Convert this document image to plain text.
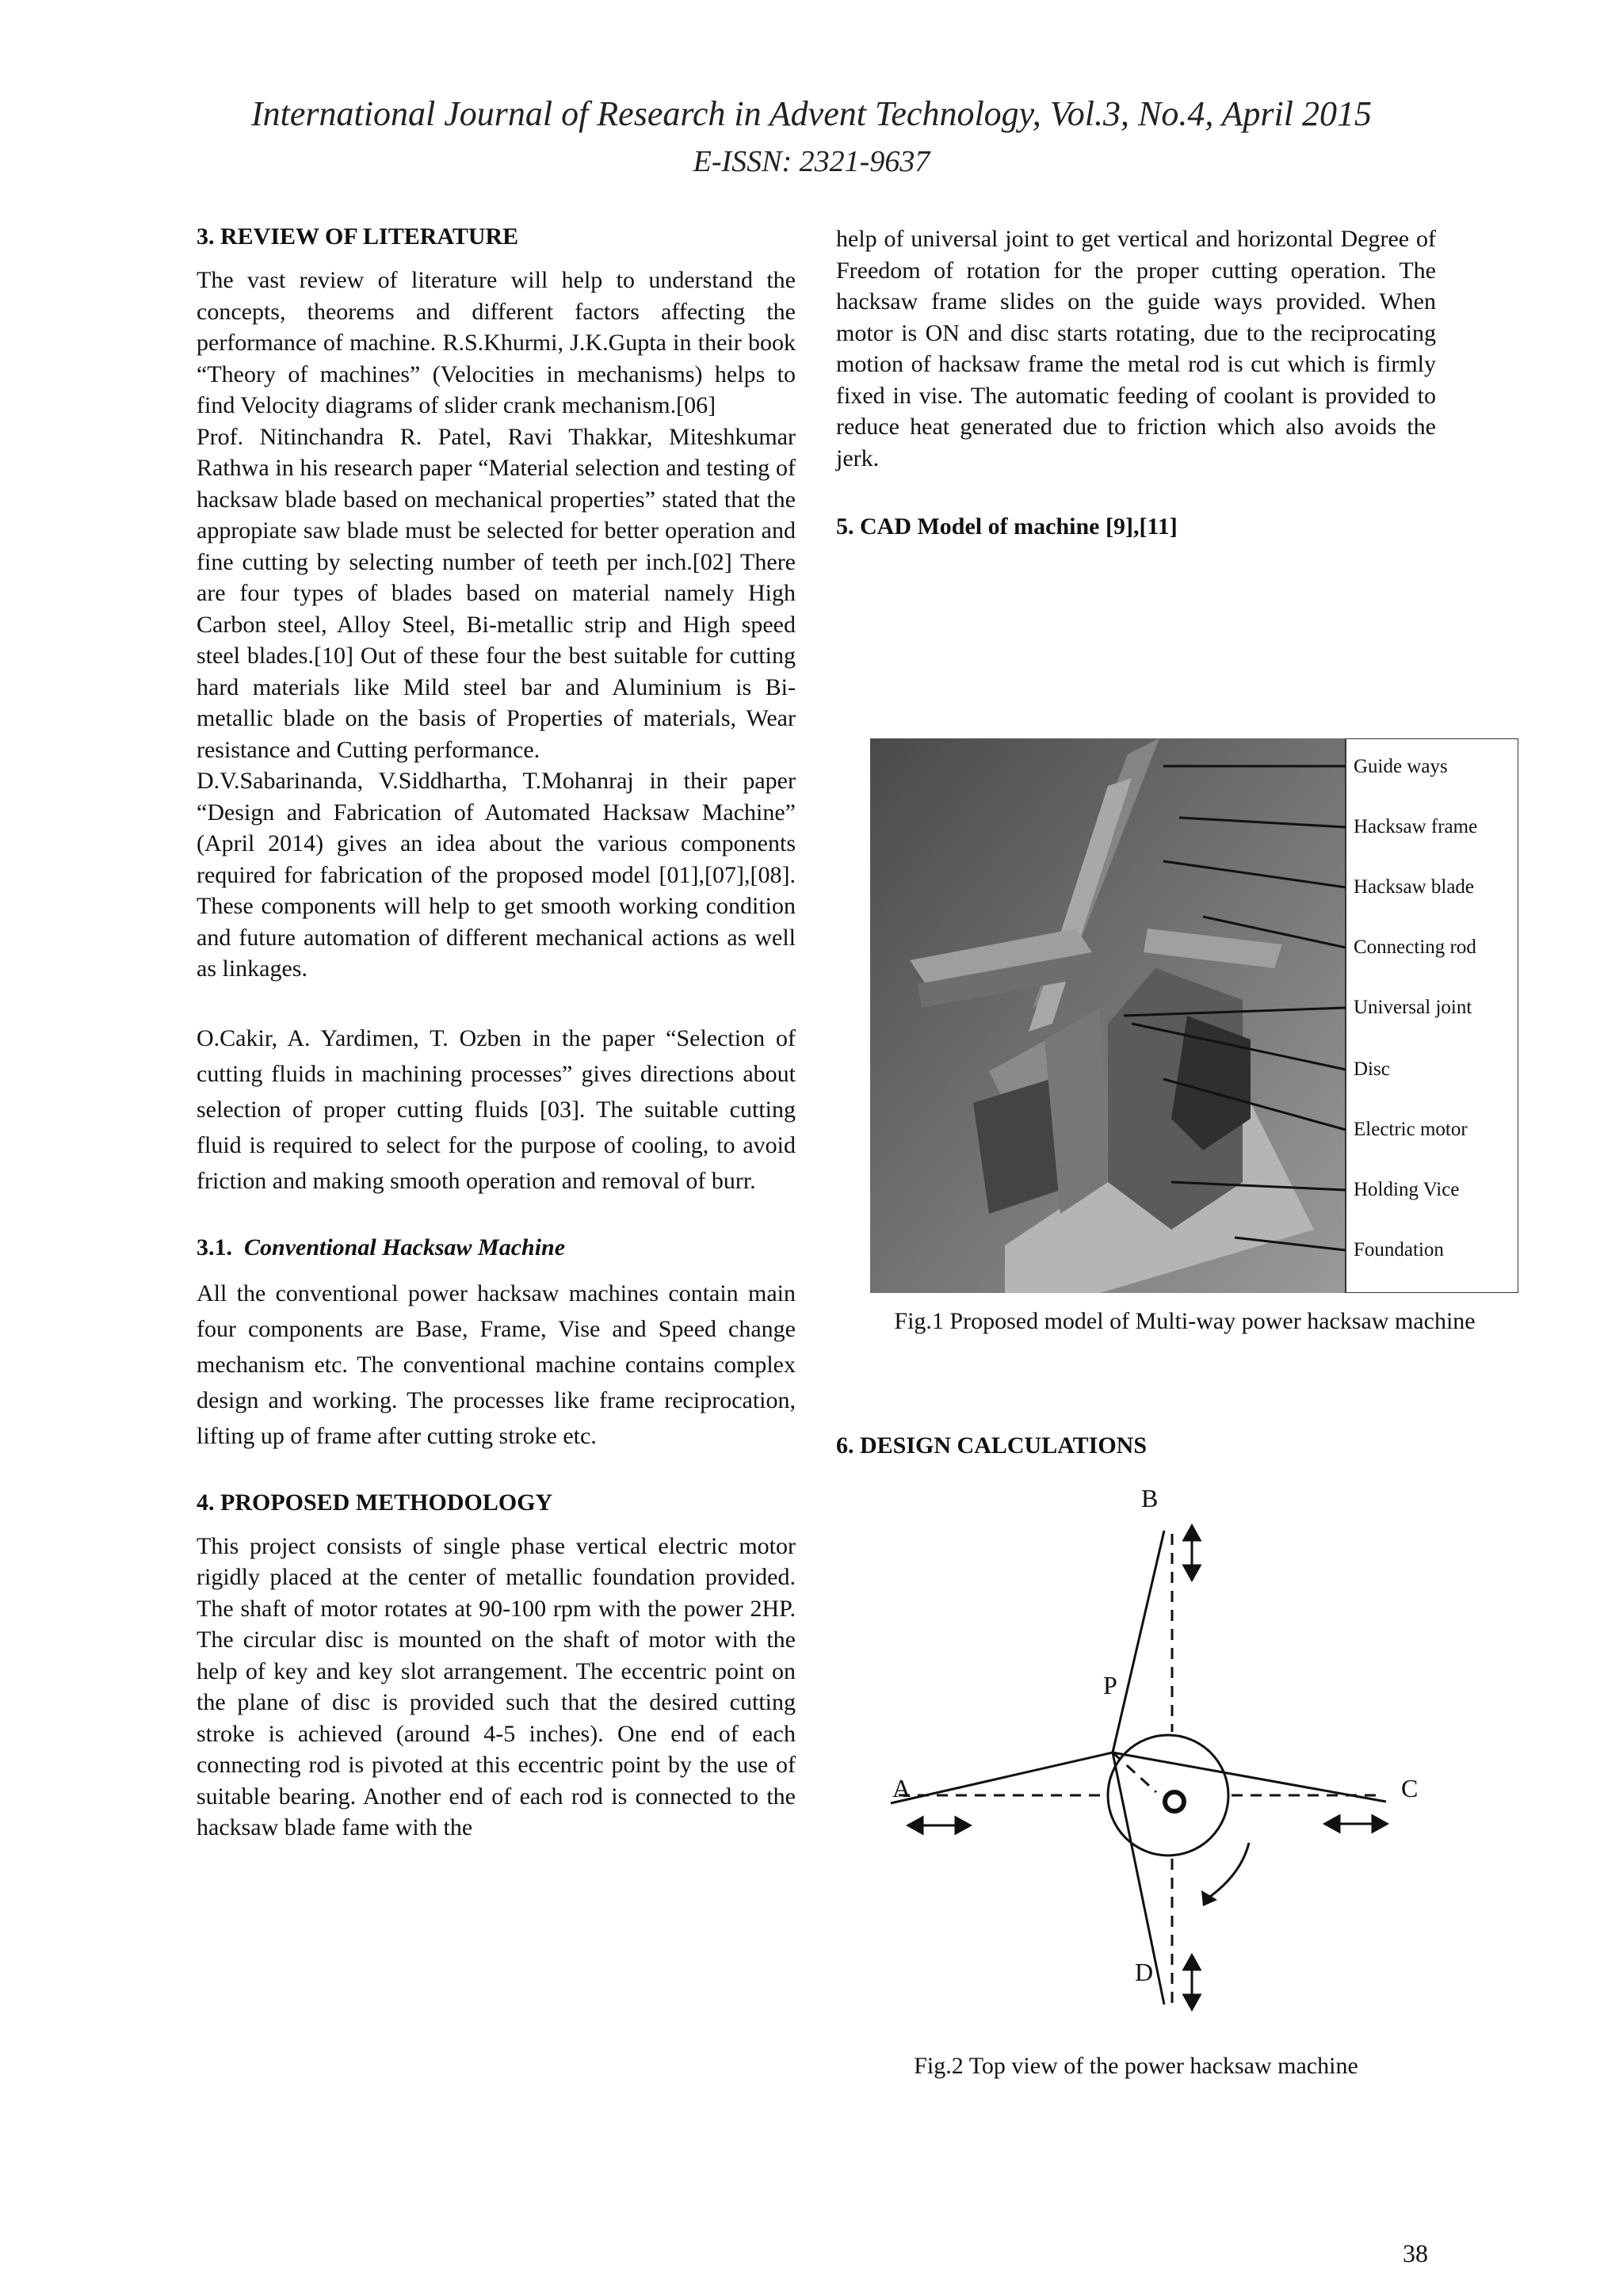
International Journal of Research in Advent Technology, Vol.3, No.4, April 2015
E-ISSN: 2321-9637
3. REVIEW OF LITERATURE

The vast review of literature will help to understand the concepts, theorems and different factors affecting the performance of machine. R.S.Khurmi, J.K.Gupta in their book “Theory of machines” (Velocities in mechanisms) helps to find Velocity diagrams of slider crank mechanism.[06]

Prof. Nitinchandra R. Patel, Ravi Thakkar, Miteshkumar Rathwa in his research paper “Material selection and testing of hacksaw blade based on mechanical properties” stated that the appropiate saw blade must be selected for better operation and fine cutting by selecting number of teeth per inch.[02] There are four types of blades based on material namely High Carbon steel, Alloy Steel, Bi-metallic strip and High speed steel blades.[10] Out of these four the best suitable for cutting hard materials like Mild steel bar and Aluminium is Bi-metallic blade on the basis of Properties of materials, Wear resistance and Cutting performance.

D.V.Sabarinanda, V.Siddhartha, T.Mohanraj in their paper “Design and Fabrication of Automated Hacksaw Machine” (April 2014) gives an idea about the various components required for fabrication of the proposed model [01],[07],[08]. These components will help to get smooth working condition and future automation of different mechanical actions as well as linkages.

O.Cakir, A. Yardimen, T. Ozben in the paper “Selection of cutting fluids in machining processes” gives directions about selection of proper cutting fluids [03]. The suitable cutting fluid is required to select for the purpose of cooling, to avoid friction and making smooth operation and removal of burr.

3.1. Conventional Hacksaw Machine

All the conventional power hacksaw machines contain main four components are Base, Frame, Vise and Speed change mechanism etc. The conventional machine contains complex design and working. The processes like frame reciprocation, lifting up of frame after cutting stroke etc.

4. PROPOSED METHODOLOGY

This project consists of single phase vertical electric motor rigidly placed at the center of metallic foundation provided. The shaft of motor rotates at 90-100 rpm with the power 2HP. The circular disc is mounted on the shaft of motor with the help of key and key slot arrangement. The eccentric point on the plane of disc is provided such that the desired cutting stroke is achieved (around 4-5 inches). One end of each connecting rod is pivoted at this eccentric point by the use of suitable bearing. Another end of each rod is connected to the hacksaw blade fame with the

help of universal joint to get vertical and horizontal Degree of Freedom of rotation for the proper cutting operation. The hacksaw frame slides on the guide ways provided. When motor is ON and disc starts rotating, due to the reciprocating motion of hacksaw frame the metal rod is cut which is firmly fixed in vise. The automatic feeding of coolant is provided to reduce heat generated due to friction which also avoids the jerk.

5. CAD Model of machine [9],[11]
Guide ways
Hacksaw frame
Hacksaw blade
Connecting rod
Universal joint
Disc
Electric motor
Holding Vice
Foundation
Fig.1 Proposed model of Multi-way power hacksaw machine
6. DESIGN CALCULATIONS
B
P
A	C
D
Fig.2 Top view of the power hacksaw machine
38
